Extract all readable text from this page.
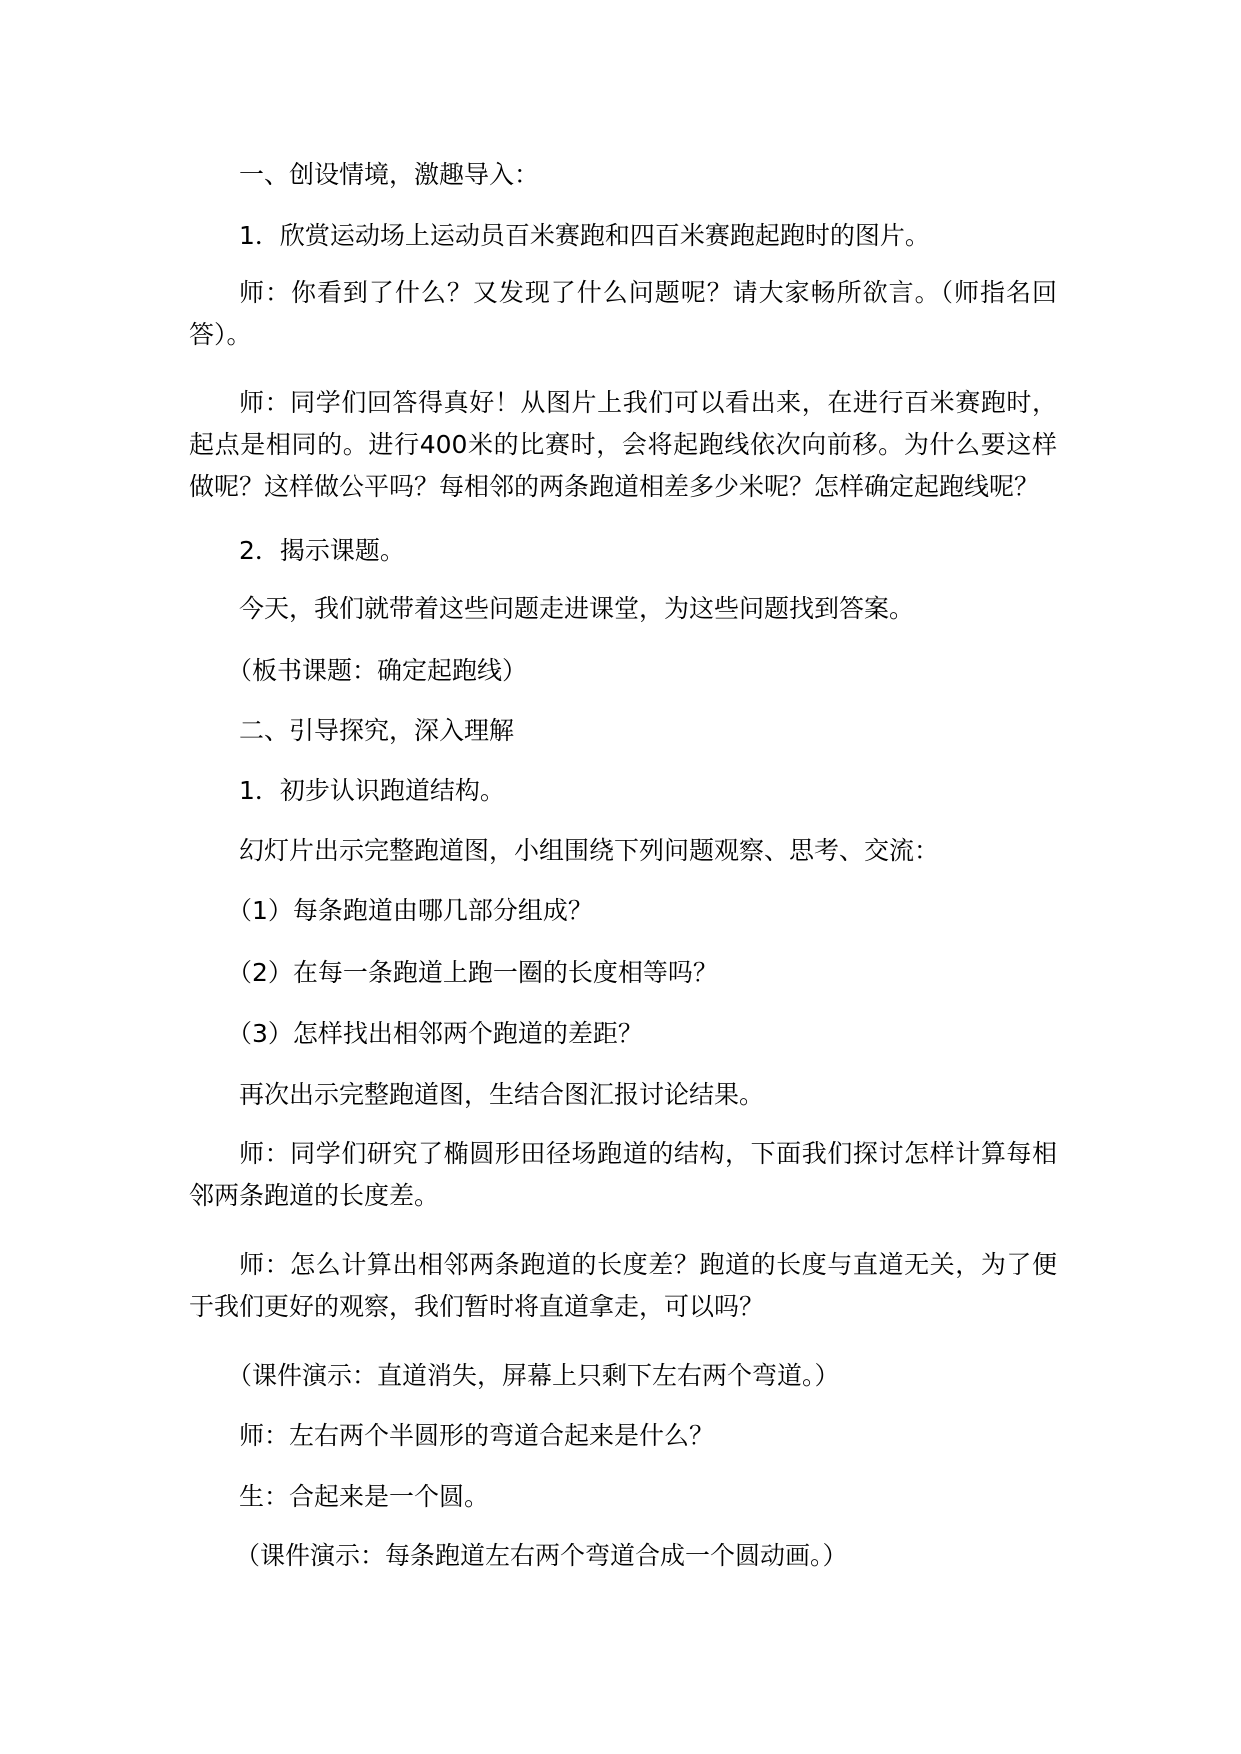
一、创设情境，激趣导入：

1．欣赏运动场上运动员百米赛跑和四百米赛跑起跑时的图片。

师：你看到了什么？又发现了什么问题呢？请大家畅所欲言。（师指名回答）。

师：同学们回答得真好！从图片上我们可以看出来，在进行百米赛跑时，起点是相同的。进行400米的比赛时，会将起跑线依次向前移。为什么要这样做呢？这样做公平吗？每相邻的两条跑道相差多少米呢？怎样确定起跑线呢？

2．揭示课题。

今天，我们就带着这些问题走进课堂，为这些问题找到答案。

（板书课题：确定起跑线）

二、引导探究，深入理解

1．初步认识跑道结构。

幻灯片出示完整跑道图，小组围绕下列问题观察、思考、交流：

（1）每条跑道由哪几部分组成？

（2）在每一条跑道上跑一圈的长度相等吗？

（3）怎样找出相邻两个跑道的差距？

再次出示完整跑道图，生结合图汇报讨论结果。

师：同学们研究了椭圆形田径场跑道的结构，下面我们探讨怎样计算每相邻两条跑道的长度差。

师：怎么计算出相邻两条跑道的长度差？跑道的长度与直道无关，为了便于我们更好的观察，我们暂时将直道拿走，可以吗？

（课件演示：直道消失，屏幕上只剩下左右两个弯道。）

师：左右两个半圆形的弯道合起来是什么？

生：合起来是一个圆。

（课件演示：每条跑道左右两个弯道合成一个圆动画。）
